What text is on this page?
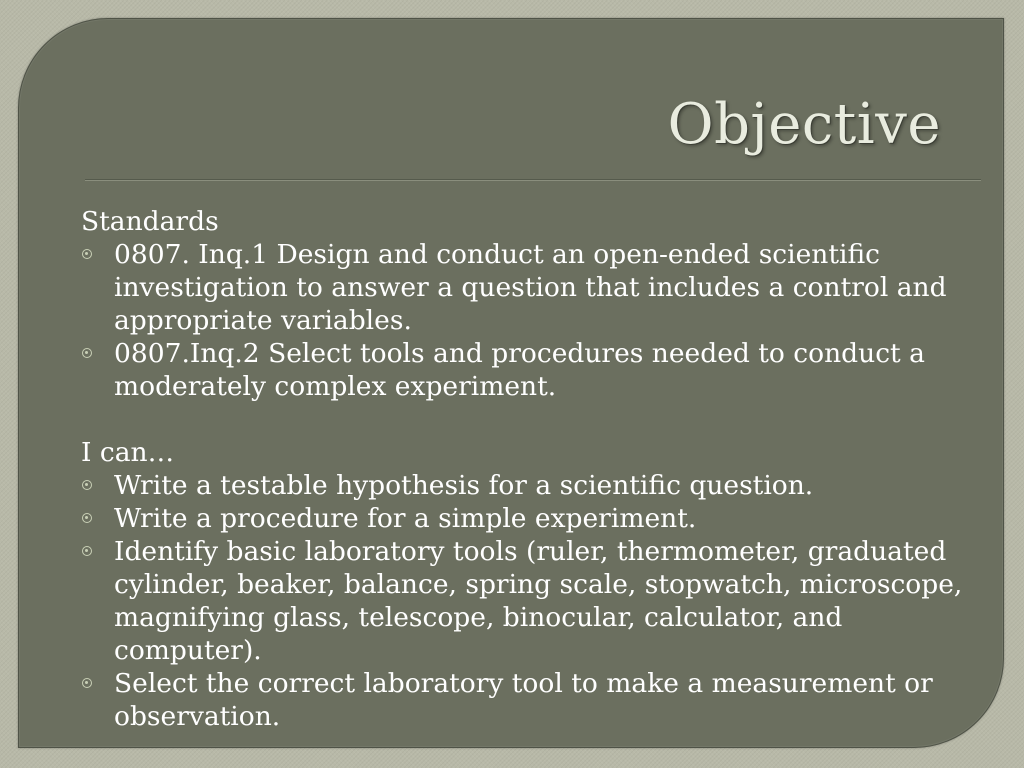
Objective

Standards

0807. Inq.1 Design and conduct an open-ended scientific investigation to answer a question that includes a control and appropriate variables.
0807.Inq.2 Select tools and procedures needed to conduct a moderately complex experiment.

I can…

Write a testable hypothesis for a scientific question.
Write a procedure for a simple experiment.
Identify basic laboratory tools (ruler, thermometer, graduated cylinder, beaker, balance, spring scale, stopwatch, microscope, magnifying glass, telescope, binocular, calculator, and computer).
Select the correct laboratory tool to make a measurement or observation.
